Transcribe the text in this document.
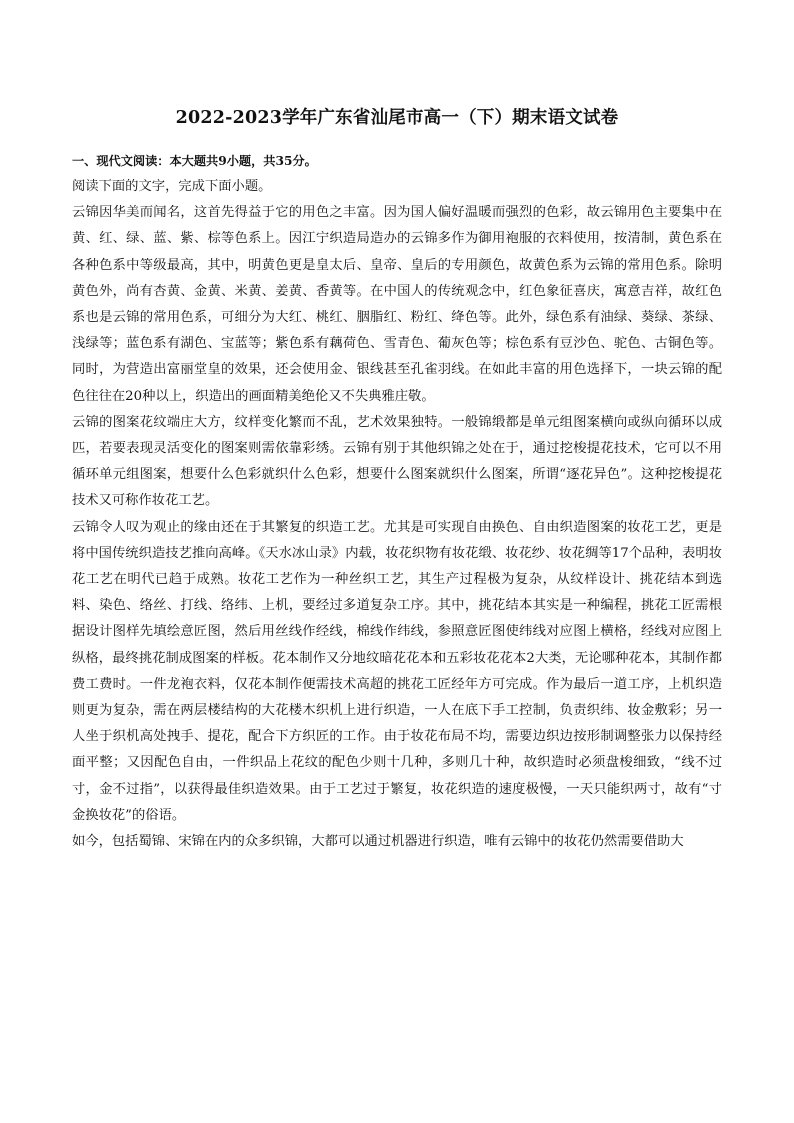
2022-2023学年广东省汕尾市高一（下）期末语文试卷

一、现代文阅读：本大题共9小题，共35分。

阅读下面的文字，完成下面小题。

云锦因华美而闻名，这首先得益于它的用色之丰富。因为国人偏好温暖而强烈的色彩，故云锦用色主要集中在黄、红、绿、蓝、紫、棕等色系上。因江宁织造局造办的云锦多作为御用袍服的衣料使用，按清制，黄色系在各种色系中等级最高，其中，明黄色更是皇太后、皇帝、皇后的专用颜色，故黄色系为云锦的常用色系。除明黄色外，尚有杏黄、金黄、米黄、姜黄、香黄等。在中国人的传统观念中，红色象征喜庆，寓意吉祥，故红色系也是云锦的常用色系，可细分为大红、桃红、胭脂红、粉红、绛色等。此外，绿色系有油绿、葵绿、茶绿、浅绿等；蓝色系有湖色、宝蓝等；紫色系有藕荷色、雪青色、葡灰色等；棕色系有豆沙色、驼色、古铜色等。同时，为营造出富丽堂皇的效果，还会使用金、银线甚至孔雀羽线。在如此丰富的用色选择下，一块云锦的配色往往在20种以上，织造出的画面精美绝伦又不失典雅庄敬。

云锦的图案花纹端庄大方，纹样变化繁而不乱，艺术效果独特。一般锦缎都是单元组图案横向或纵向循环以成匹，若要表现灵活变化的图案则需依靠彩绣。云锦有别于其他织锦之处在于，通过挖梭提花技术，它可以不用循环单元组图案，想要什么色彩就织什么色彩，想要什么图案就织什么图案，所谓“逐花异色”。这种挖梭提花技术又可称作妆花工艺。

云锦令人叹为观止的缘由还在于其繁复的织造工艺。尤其是可实现自由换色、自由织造图案的妆花工艺，更是将中国传统织造技艺推向高峰。《天水冰山录》内载，妆花织物有妆花缎、妆花纱、妆花绸等17个品种，表明妆花工艺在明代已趋于成熟。妆花工艺作为一种丝织工艺，其生产过程极为复杂，从纹样设计、挑花结本到选料、染色、络丝、打线、络纬、上机，要经过多道复杂工序。其中，挑花结本其实是一种编程，挑花工匠需根据设计图样先填绘意匠图，然后用丝线作经线，棉线作纬线，参照意匠图使纬线对应图上横格，经线对应图上纵格，最终挑花制成图案的样板。花本制作又分地纹暗花花本和五彩妆花花本2大类，无论哪种花本，其制作都费工费时。一件龙袍衣料，仅花本制作便需技术高超的挑花工匠经年方可完成。作为最后一道工序，上机织造则更为复杂，需在两层楼结构的大花楼木织机上进行织造，一人在底下手工控制，负责织纬、妆金敷彩；另一人坐于织机高处拽手、提花，配合下方织匠的工作。由于妆花布局不均，需要边织边按形制调整张力以保持经面平整；又因配色自由，一件织品上花纹的配色少则十几种，多则几十种，故织造时必须盘梭细致，“线不过寸，金不过指”，以获得最佳织造效果。由于工艺过于繁复，妆花织造的速度极慢，一天只能织两寸，故有“寸金换妆花”的俗语。

如今，包括蜀锦、宋锦在内的众多织锦，大都可以通过机器进行织造，唯有云锦中的妆花仍然需要借助大
